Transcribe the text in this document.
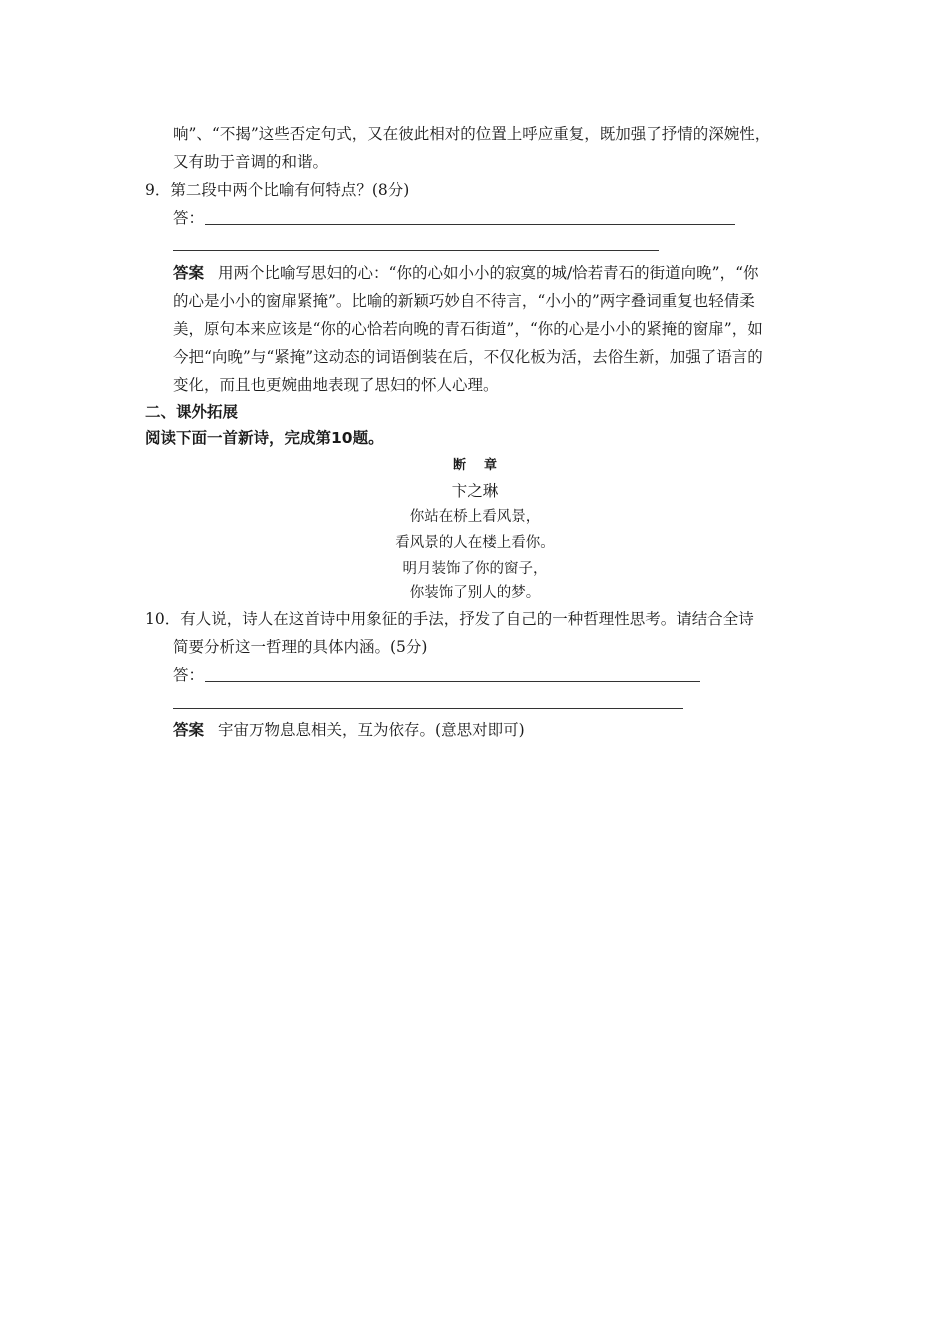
响”、“不揭”这些否定句式，又在彼此相对的位置上呼应重复，既加强了抒情的深婉性，
又有助于音调的和谐。
9．第二段中两个比喻有何特点？(8分)
答：
答案 用两个比喻写思妇的心：“你的心如小小的寂寞的城/恰若青石的街道向晚”，“你
的心是小小的窗扉紧掩”。比喻的新颖巧妙自不待言，“小小的”两字叠词重复也轻倩柔
美，原句本来应该是“你的心恰若向晚的青石街道”，“你的心是小小的紧掩的窗扉”，如
今把“向晚”与“紧掩”这动态的词语倒装在后，不仅化板为活，去俗生新，加强了语言的
变化，而且也更婉曲地表现了思妇的怀人心理。
二、课外拓展
阅读下面一首新诗，完成第10题。
断章
卞之琳
你站在桥上看风景，
看风景的人在楼上看你。
明月装饰了你的窗子，
你装饰了别人的梦。
10．有人说，诗人在这首诗中用象征的手法，抒发了自己的一种哲理性思考。请结合全诗
简要分析这一哲理的具体内涵。(5分)
答：
答案 宇宙万物息息相关，互为依存。(意思对即可)
